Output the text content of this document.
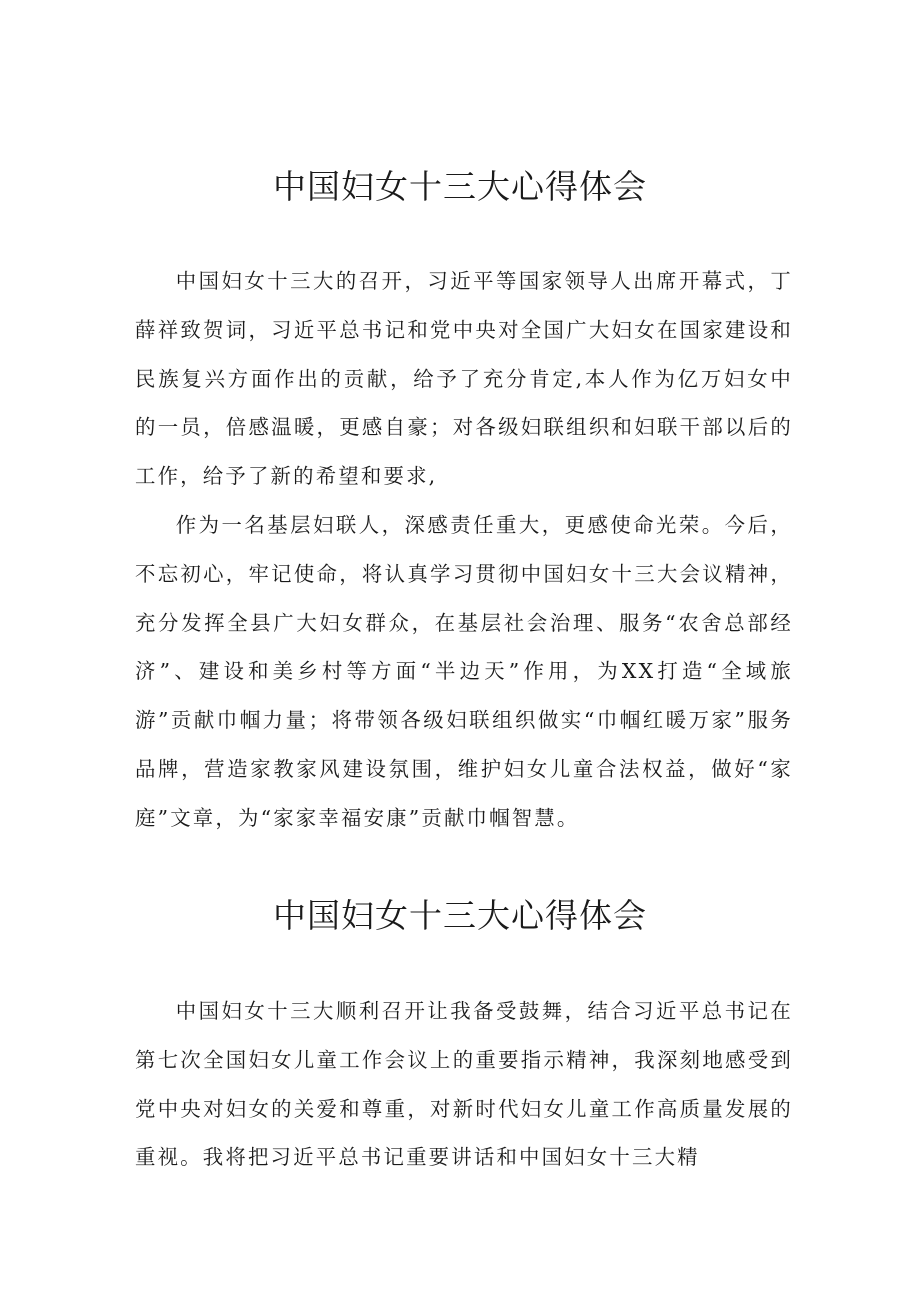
中国妇女十三大心得体会

中国妇女十三大的召开，习近平等国家领导人出席开幕式，丁薛祥致贺词，习近平总书记和党中央对全国广大妇女在国家建设和民族复兴方面作出的贡献，给予了充分肯定,本人作为亿万妇女中的一员，倍感温暖，更感自豪；对各级妇联组织和妇联干部以后的工作，给予了新的希望和要求,

作为一名基层妇联人，深感责任重大，更感使命光荣。今后，不忘初心，牢记使命，将认真学习贯彻中国妇女十三大会议精神，充分发挥全县广大妇女群众，在基层社会治理、服务“农舍总部经济”、建设和美乡村等方面“半边天”作用，为XX打造“全域旅游”贡献巾帼力量；将带领各级妇联组织做实“巾帼红暖万家”服务品牌，营造家教家风建设氛围，维护妇女儿童合法权益，做好“家庭”文章，为“家家幸福安康”贡献巾帼智慧。

中国妇女十三大心得体会

中国妇女十三大顺利召开让我备受鼓舞，结合习近平总书记在第七次全国妇女儿童工作会议上的重要指示精神，我深刻地感受到党中央对妇女的关爱和尊重，对新时代妇女儿童工作高质量发展的重视。我将把习近平总书记重要讲话和中国妇女十三大精
